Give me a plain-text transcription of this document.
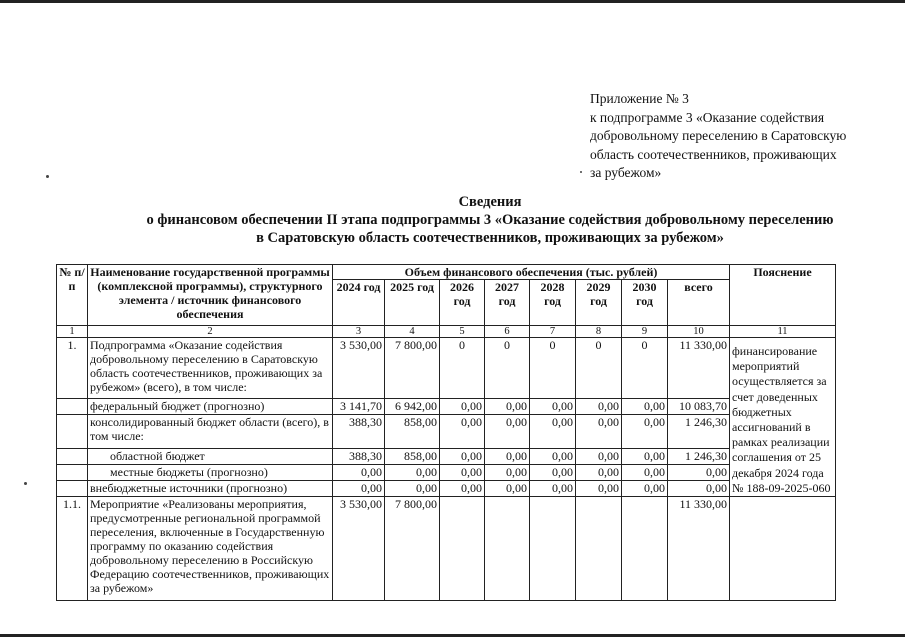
Приложение № 3
к подпрограмме 3 «Оказание содействия
добровольному переселению в Саратовскую
область соотечественников, проживающих
за рубежом»
Сведения
о финансовом обеспечении II этапа подпрограммы 3 «Оказание содействия добровольному переселению
в Саратовскую область соотечественников, проживающих за рубежом»
№ п/п	Наименование государственной программы (комплексной программы), структурного элемента / источник финансового обеспечения	Объем финансового обеспечения (тыс. рублей)								Пояснение
		2024 год	2025 год	2026 год	2027 год	2028 год	2029 год	2030 год	всего	
1	2	3	4	5	6	7	8	9	10	11
1.	Подпрограмма «Оказание содействия добровольному переселению в Саратовскую область соотечественников, проживающих за рубежом» (всего), в том числе:	3 530,00	7 800,00	0	0	0	0	0	11 330,00	финансирование мероприятий осуществляется за счет доведенных бюджетных ассигнований в рамках реализации соглашения от 25 декабря 2024 года № 188-09-2025-060
	федеральный бюджет (прогнозно)	3 141,70	6 942,00	0,00	0,00	0,00	0,00	0,00	10 083,70	
	консолидированный бюджет области (всего), в том числе:	388,30	858,00	0,00	0,00	0,00	0,00	0,00	1 246,30	
	областной бюджет	388,30	858,00	0,00	0,00	0,00	0,00	0,00	1 246,30	
	местные бюджеты (прогнозно)	0,00	0,00	0,00	0,00	0,00	0,00	0,00	0,00	
	внебюджетные источники (прогнозно)	0,00	0,00	0,00	0,00	0,00	0,00	0,00	0,00	
1.1.	Мероприятие «Реализованы мероприятия, предусмотренные региональной программой переселения, включенные в Государственную программу по оказанию содействия добровольному переселению в Российскую Федерацию соотечественников, проживающих за рубежом»	3 530,00	7 800,00						11 330,00	
